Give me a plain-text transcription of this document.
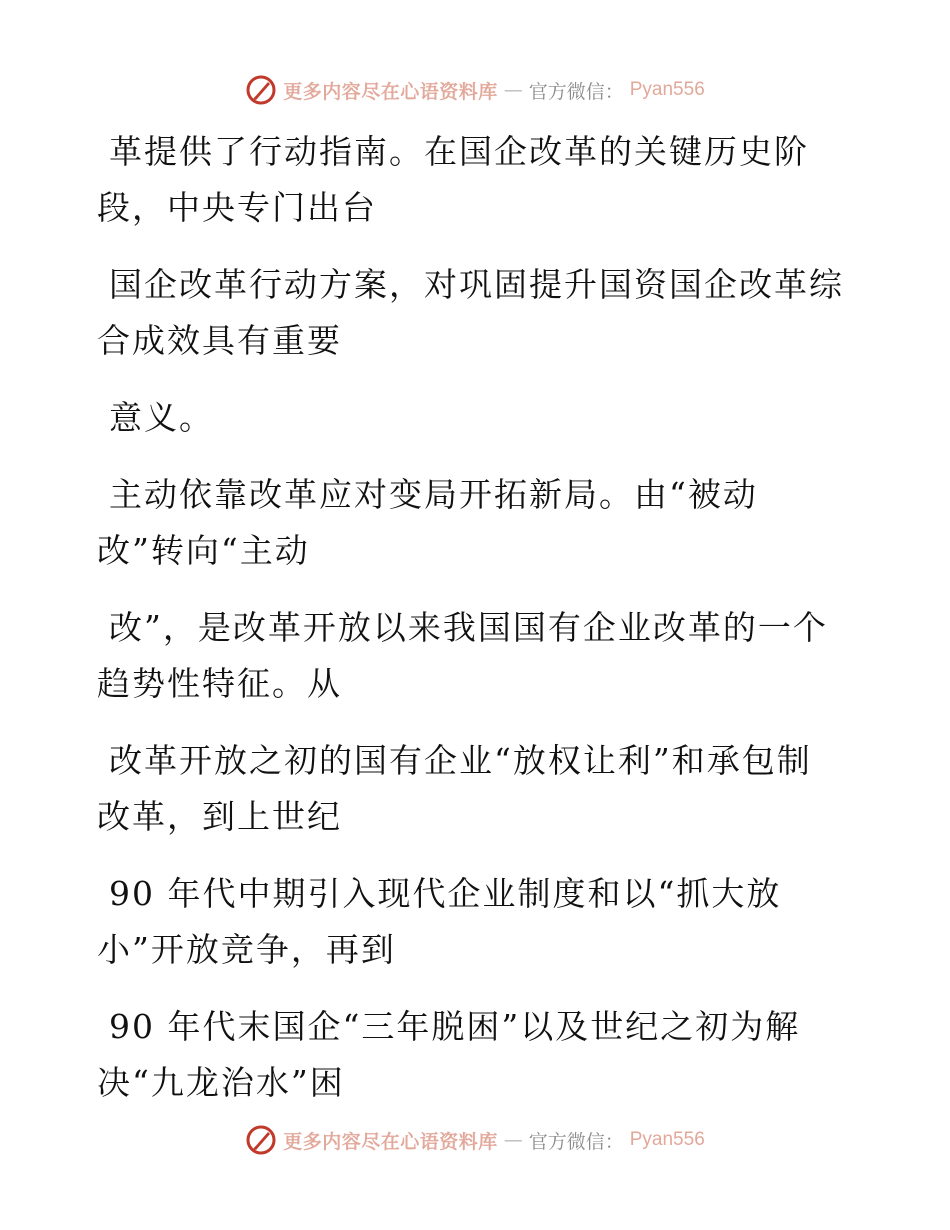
更多内容尽在心语资料库 — 官方微信： Pyan556

革提供了行动指南。在国企改革的关键历史阶
段，中央专门出台

国企改革行动方案，对巩固提升国资国企改革综
合成效具有重要

意义。

主动依靠改革应对变局开拓新局。由“被动
改”转向“主动

改”，是改革开放以来我国国有企业改革的一个
趋势性特征。从

改革开放之初的国有企业“放权让利”和承包制
改革，到上世纪

90 年代中期引入现代企业制度和以“抓大放
小”开放竞争，再到

90 年代末国企“三年脱困”以及世纪之初为解
决“九龙治水”困

更多内容尽在心语资料库 — 官方微信： Pyan556
